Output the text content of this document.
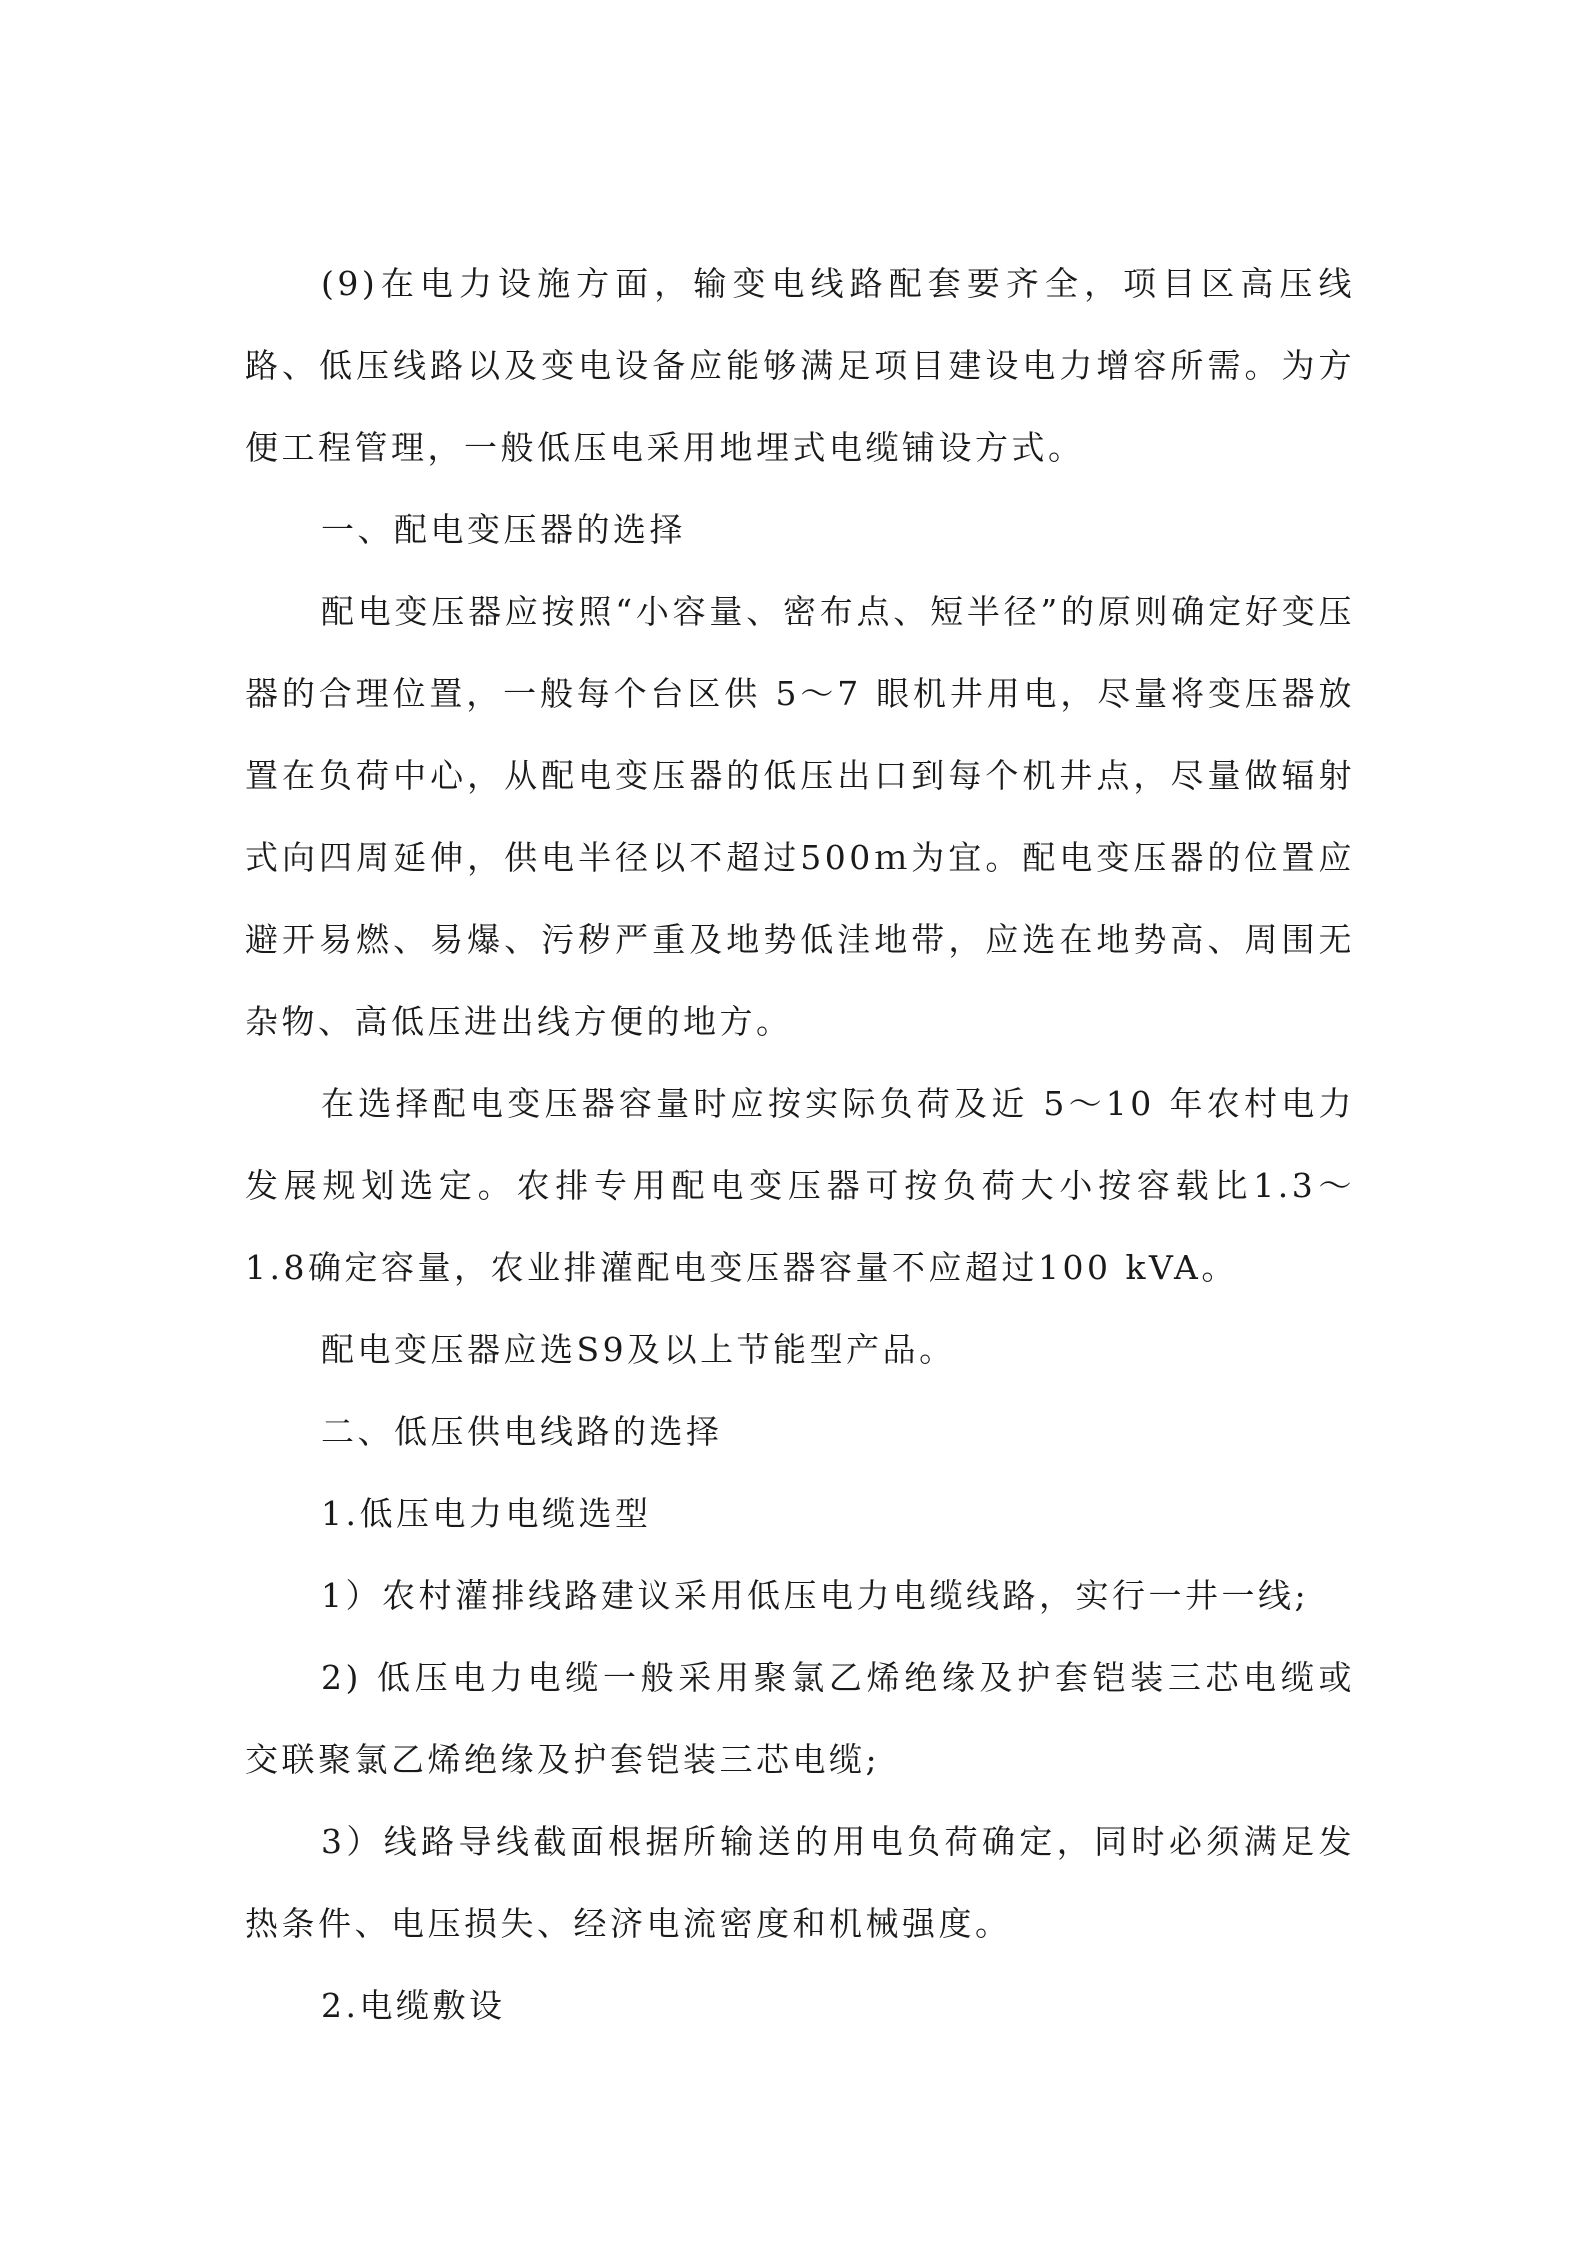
(9)在电力设施方面，输变电线路配套要齐全，项目区高压线路、低压线路以及变电设备应能够满足项目建设电力增容所需。为方便工程管理，一般低压电采用地埋式电缆铺设方式。

一、配电变压器的选择

配电变压器应按照“小容量、密布点、短半径”的原则确定好变压器的合理位置，一般每个台区供 5～7 眼机井用电，尽量将变压器放置在负荷中心，从配电变压器的低压出口到每个机井点，尽量做辐射式向四周延伸，供电半径以不超过500ｍ为宜。配电变压器的位置应避开易燃、易爆、污秽严重及地势低洼地带，应选在地势高、周围无杂物、高低压进出线方便的地方。

在选择配电变压器容量时应按实际负荷及近 5～10 年农村电力发展规划选定。农排专用配电变压器可按负荷大小按容载比1.3～1.8确定容量，农业排灌配电变压器容量不应超过100 kVA。

配电变压器应选S9及以上节能型产品。

二、低压供电线路的选择

1.低压电力电缆选型

1）农村灌排线路建议采用低压电力电缆线路，实行一井一线;

2) 低压电力电缆一般采用聚氯乙烯绝缘及护套铠装三芯电缆或交联聚氯乙烯绝缘及护套铠装三芯电缆;

3）线路导线截面根据所输送的用电负荷确定，同时必须满足发热条件、电压损失、经济电流密度和机械强度。

2.电缆敷设
